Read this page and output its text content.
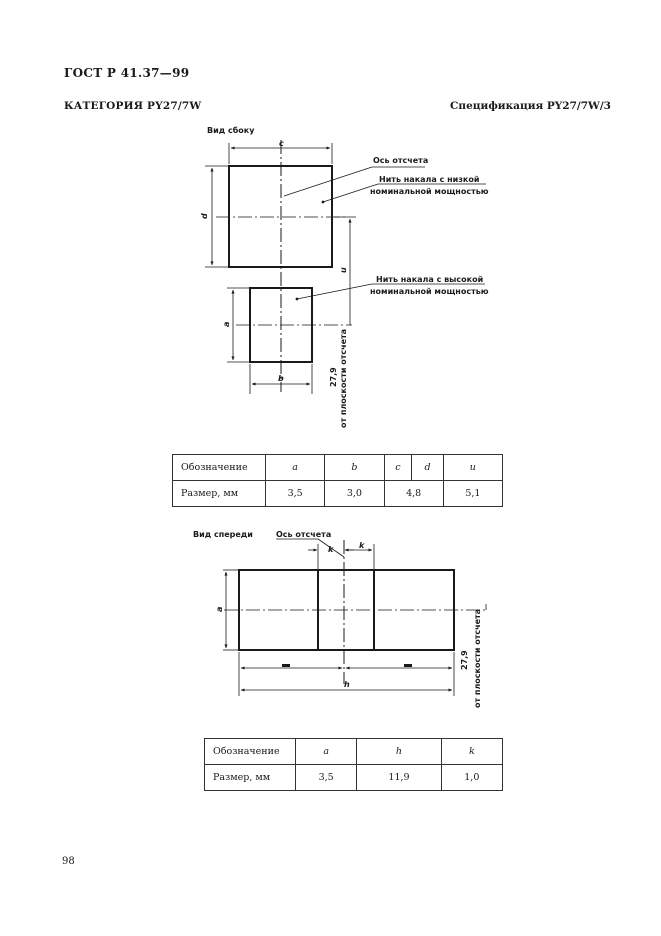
ГОСТ Р 41.37—99
КАТЕГОРИЯ PY27/7W	Спецификация PY27/7W/3
Вид сбоку
c
d
a
b
u
27,9 от плоскости отсчета
Ось отсчета
Нить накала с низкой
номинальной мощностью
Нить накала с высокой
номинальной мощностью
Вид спереди	Ось отсчета
k	k
a
h
27,9 от плоскости отсчета
Обозначение	a	b	c	d	u
Размер, мм	3,5	3,0	4,8		5,1
Обозначение	a	h	k
Размер, мм	3,5	11,9	1,0
98
